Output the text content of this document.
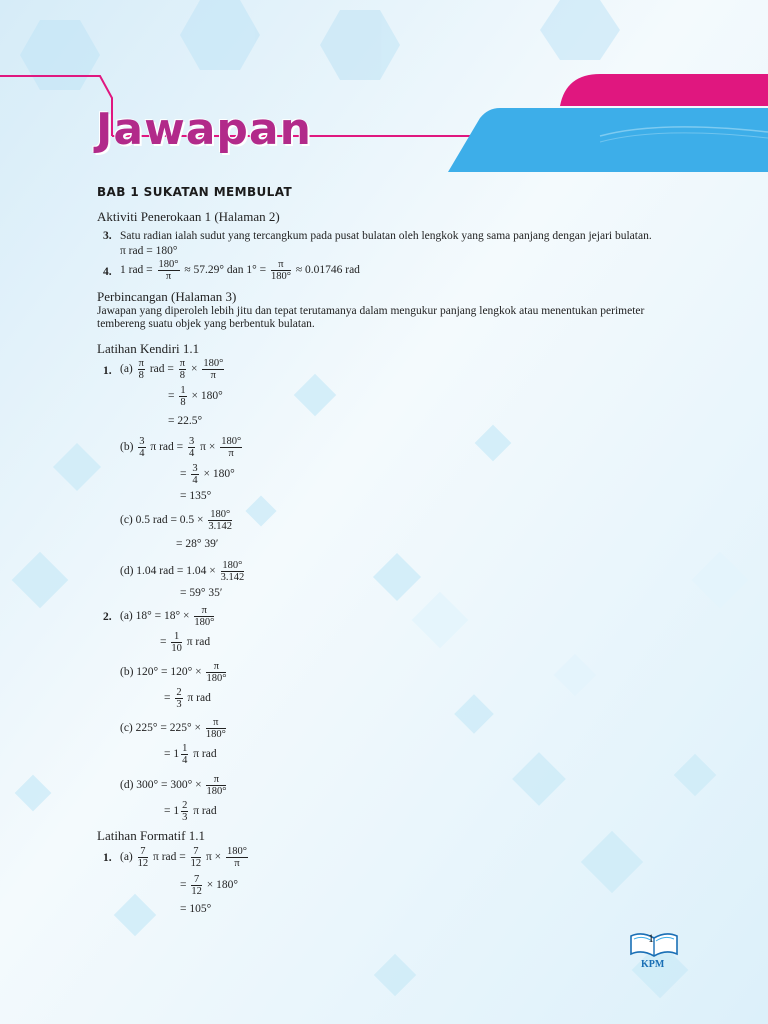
Jawapan
BAB 1 SUKATAN MEMBULAT
Aktiviti Penerokaan 1 (Halaman 2)
3. Satu radian ialah sudut yang tercangkum pada pusat bulatan oleh lengkok yang sama panjang dengan jejari bulatan.
π rad = 180°
4. 1 rad = $\frac{180^\circ}{\pi} \approx 57.29^\circ$ dan $1^\circ = \frac{\pi}{180^\circ} \approx 0.01746$ rad
Perbincangan (Halaman 3)
Jawapan yang diperoleh lebih jitu dan tepat terutamanya dalam mengukur panjang lengkok atau menentukan perimeter
tembereng suatu objek yang berbentuk bulatan.
Latihan Kendiri 1.1
1. $(a) \frac{\pi}{8}$ rad = $\frac{\pi}{8} \times \frac{180^\circ}{\pi}$
= $\frac{1}{8} \times 180^\circ$
= 22.5°
$(b) \frac{3}{4}$ π rad = $\frac{3}{4}$ $\pi \times \frac{180^\circ}{\pi}$
= $\frac{3}{4} \times 180^\circ$
= 135°
(c) 0.5 rad = $0.5 \times \frac{180^\circ}{3.142}$
= 28° 39′
(d) 1.04 rad = $1.04 \times \frac{180^\circ}{3.142}$
= 59° 35′
2. (a) $18^\circ = 18^\circ \times \frac{\pi}{180^\circ}$
= $\frac{1}{10}$ π rad
(b) $120^\circ = 120^\circ \times \frac{\pi}{180^\circ}$
= $\frac{2}{3}$ π rad
(c) $225^\circ = 225^\circ \times \frac{\pi}{180^\circ}$
= $1 \frac{1}{4}$ π rad
(d) $300^\circ = 300^\circ \times \frac{\pi}{180^\circ}$
= $1 \frac{2}{3}$ π rad
Latihan Formatif 1.1
1. $(a) \frac{7}{12}$ π rad = $\frac{7}{12}$ $\pi \times \frac{180^\circ}{\pi}$
= $\frac{7}{12} \times 180^\circ$
= 105°
1
KPM
